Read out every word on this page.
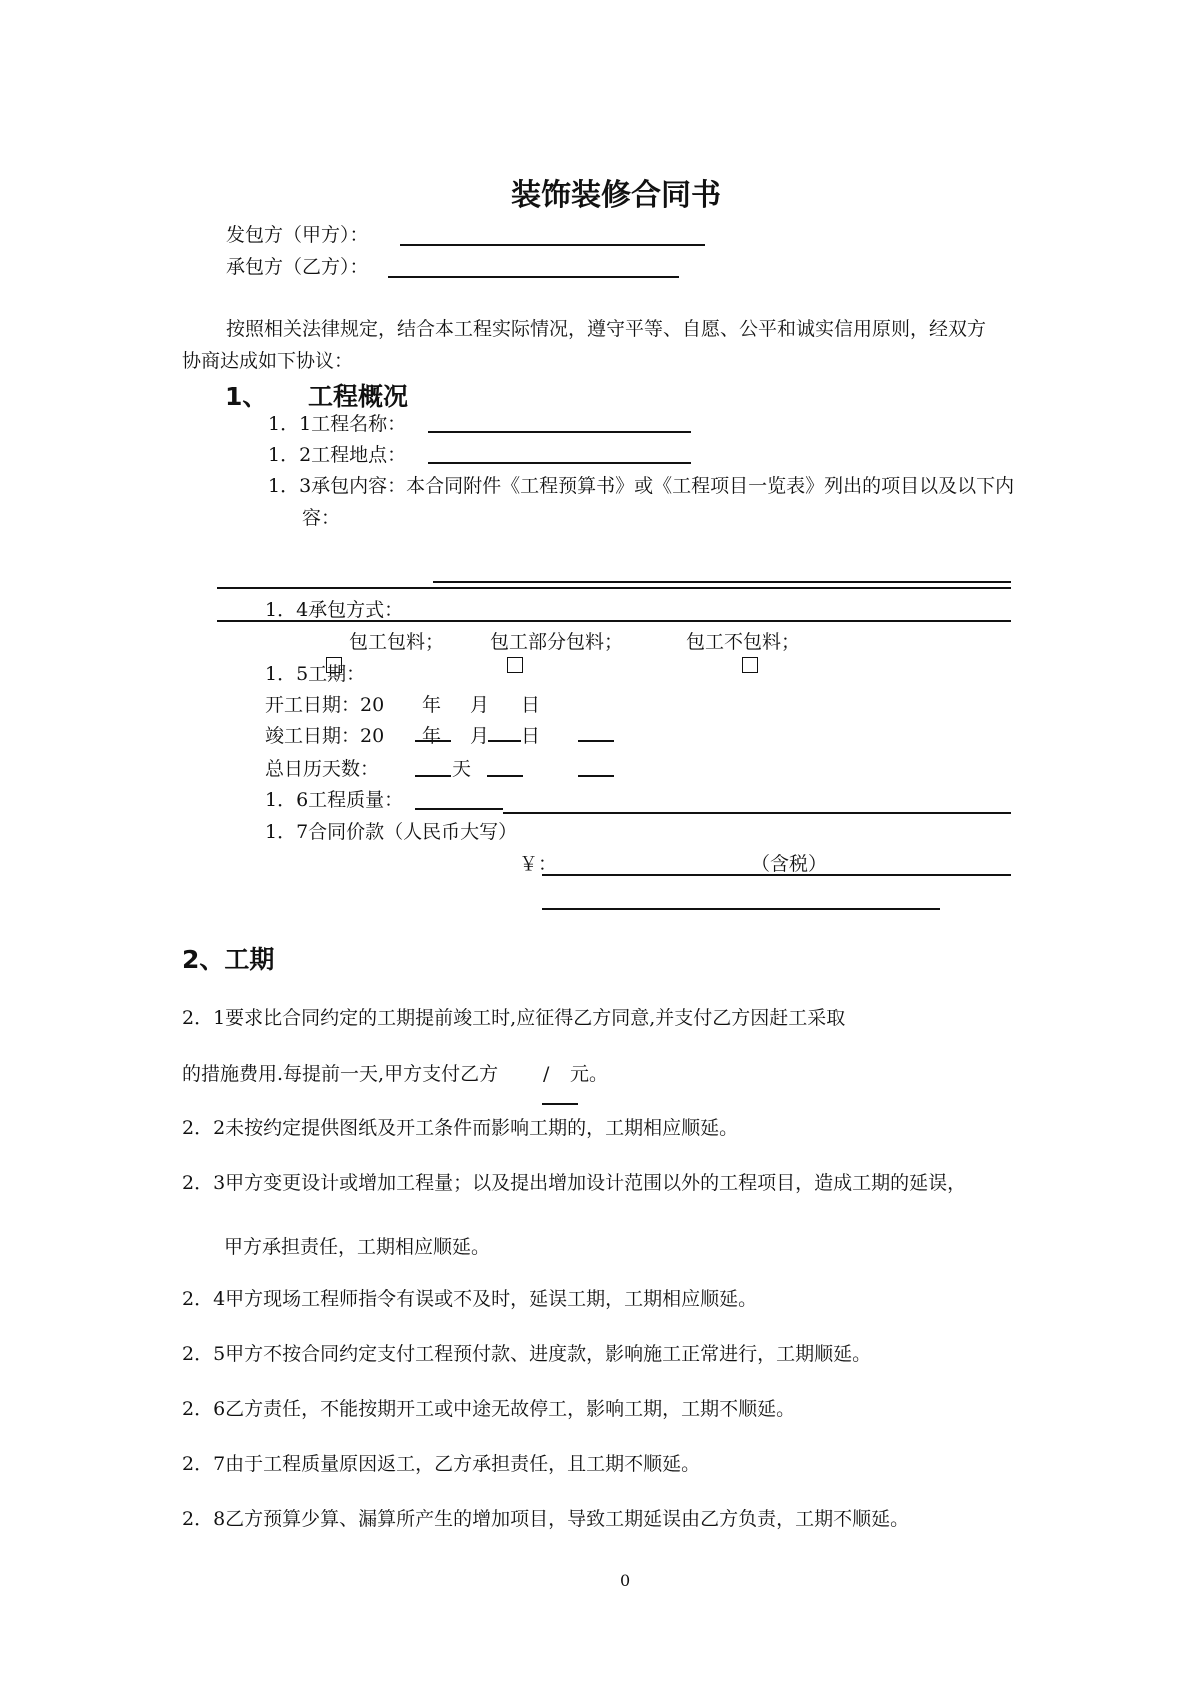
装饰装修合同书
发包方（甲方）：
承包方（乙方）：
按照相关法律规定，结合本工程实际情况，遵守平等、自愿、公平和诚实信用原则，经双方
协商达成如下协议：
1、 工程概况
1．1工程名称：
1．2工程地点：
1．3承包内容：本合同附件《工程预算书》或《工程项目一览表》列出的项目以及以下内
容：
1．4承包方式：
包工包料； 包工部分包料；	包工不包料；
1．5工期：
开工日期：20 年 月 日
竣工日期：20 年 月 日
总日历天数：	天
1．6工程质量：
1．7合同价款（人民币大写）
￥：	（含税）
2、工期
2．1要求比合同约定的工期提前竣工时,应征得乙方同意,并支付乙方因赶工采取
的措施费用.每提前一天,甲方支付乙方 / 元。
2．2未按约定提供图纸及开工条件而影响工期的，工期相应顺延。
2．3甲方变更设计或增加工程量；以及提出增加设计范围以外的工程项目，造成工期的延误，
甲方承担责任，工期相应顺延。
2．4甲方现场工程师指令有误或不及时，延误工期，工期相应顺延。
2．5甲方不按合同约定支付工程预付款、进度款，影响施工正常进行，工期顺延。
2．6乙方责任，不能按期开工或中途无故停工，影响工期，工期不顺延。
2．7由于工程质量原因返工，乙方承担责任，且工期不顺延。
2．8乙方预算少算、漏算所产生的增加项目，导致工期延误由乙方负责，工期不顺延。
0
